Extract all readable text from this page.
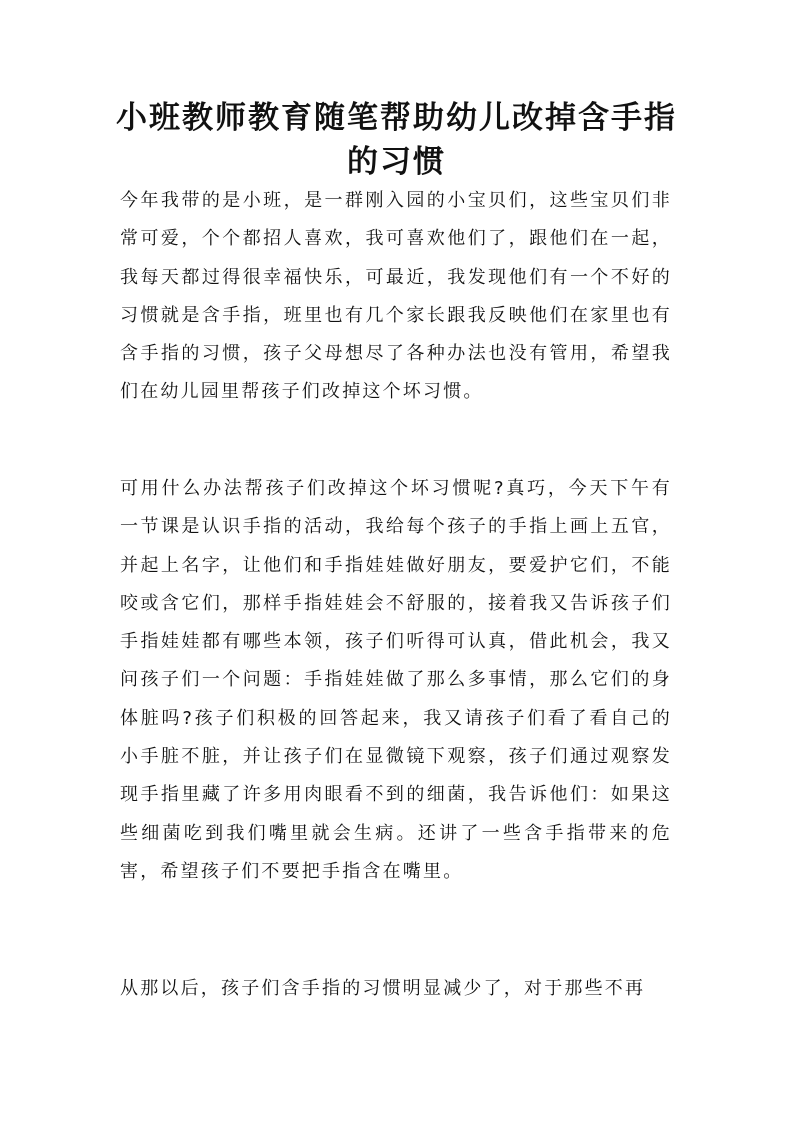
小班教师教育随笔帮助幼儿改掉含手指的习惯

今年我带的是小班，是一群刚入园的小宝贝们，这些宝贝们非常可爱，个个都招人喜欢，我可喜欢他们了，跟他们在一起，我每天都过得很幸福快乐，可最近，我发现他们有一个不好的习惯就是含手指，班里也有几个家长跟我反映他们在家里也有含手指的习惯，孩子父母想尽了各种办法也没有管用，希望我们在幼儿园里帮孩子们改掉这个坏习惯。

可用什么办法帮孩子们改掉这个坏习惯呢?真巧，今天下午有一节课是认识手指的活动，我给每个孩子的手指上画上五官，并起上名字，让他们和手指娃娃做好朋友，要爱护它们，不能咬或含它们，那样手指娃娃会不舒服的，接着我又告诉孩子们手指娃娃都有哪些本领，孩子们听得可认真，借此机会，我又问孩子们一个问题：手指娃娃做了那么多事情，那么它们的身体脏吗?孩子们积极的回答起来，我又请孩子们看了看自己的小手脏不脏，并让孩子们在显微镜下观察，孩子们通过观察发现手指里藏了许多用肉眼看不到的细菌，我告诉他们：如果这些细菌吃到我们嘴里就会生病。还讲了一些含手指带来的危害，希望孩子们不要把手指含在嘴里。

从那以后，孩子们含手指的习惯明显减少了，对于那些不再
